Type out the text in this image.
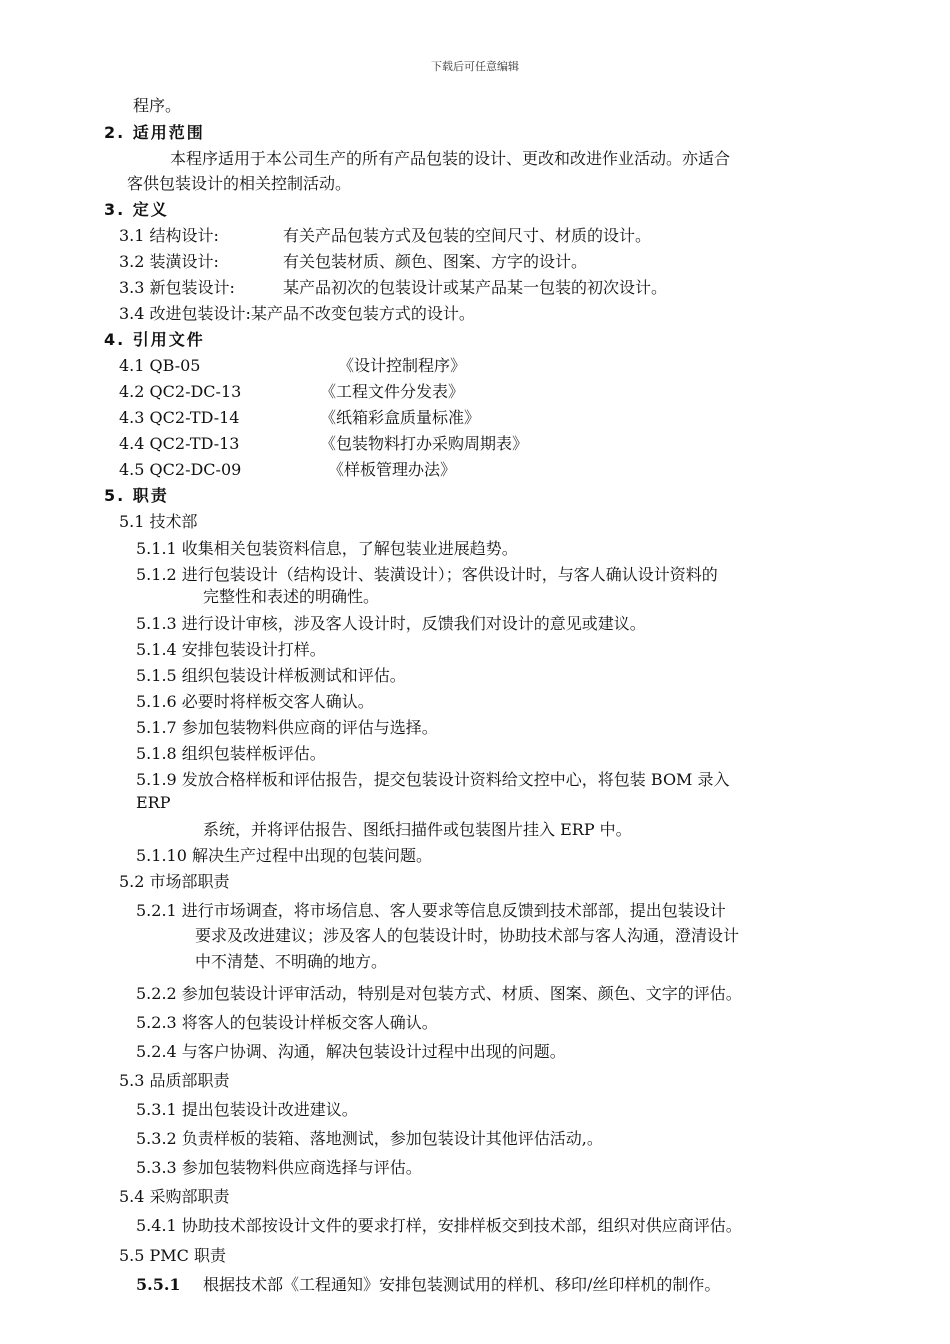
下载后可任意编辑
程序。
2. 适用范围
本程序适用于本公司生产的所有产品包装的设计、更改和改进作业活动。亦适合
客供包装设计的相关控制活动。
3. 定义
3.1 结构设计:	有关产品包装方式及包装的空间尺寸、材质的设计。
3.2 装潢设计:	有关包装材质、颜色、图案、方字的设计。
3.3 新包装设计:	某产品初次的包装设计或某产品某一包装的初次设计。
3.4 改进包装设计:某产品不改变包装方式的设计。
4. 引用文件
4.1 QB-05	《设计控制程序》
4.2 QC2-DC-13	《工程文件分发表》
4.3 QC2-TD-14	《纸箱彩盒质量标准》
4.4 QC2-TD-13	《包装物料打办采购周期表》
4.5 QC2-DC-09	《样板管理办法》
5. 职责
5.1 技术部
5.1.1 收集相关包装资料信息，了解包装业进展趋势。
5.1.2 进行包装设计（结构设计、装潢设计）；客供设计时，与客人确认设计资料的
完整性和表述的明确性。
5.1.3 进行设计审核，涉及客人设计时，反馈我们对设计的意见或建议。
5.1.4 安排包装设计打样。
5.1.5 组织包装设计样板测试和评估。
5.1.6 必要时将样板交客人确认。
5.1.7 参加包装物料供应商的评估与选择。
5.1.8 组织包装样板评估。
5.1.9 发放合格样板和评估报告，提交包装设计资料给文控中心，将包装 BOM 录入
ERP
系统，并将评估报告、图纸扫描件或包装图片挂入 ERP 中。
5.1.10 解决生产过程中出现的包装问题。
5.2 市场部职责
5.2.1 进行市场调查，将市场信息、客人要求等信息反馈到技术部部，提出包装设计
要求及改进建议；涉及客人的包装设计时，协助技术部与客人沟通，澄清设计
中不清楚、不明确的地方。
5.2.2 参加包装设计评审活动，特别是对包装方式、材质、图案、颜色、文字的评估。
5.2.3 将客人的包装设计样板交客人确认。
5.2.4 与客户协调、沟通，解决包装设计过程中出现的问题。
5.3 品质部职责
5.3.1 提出包装设计改进建议。
5.3.2 负责样板的装箱、落地测试，参加包装设计其他评估活动,。
5.3.3 参加包装物料供应商选择与评估。
5.4 采购部职责
5.4.1 协助技术部按设计文件的要求打样，安排样板交到技术部，组织对供应商评估。
5.5 PMC 职责
5.5.1 根据技术部《工程通知》安排包装测试用的样机、移印/丝印样机的制作。
